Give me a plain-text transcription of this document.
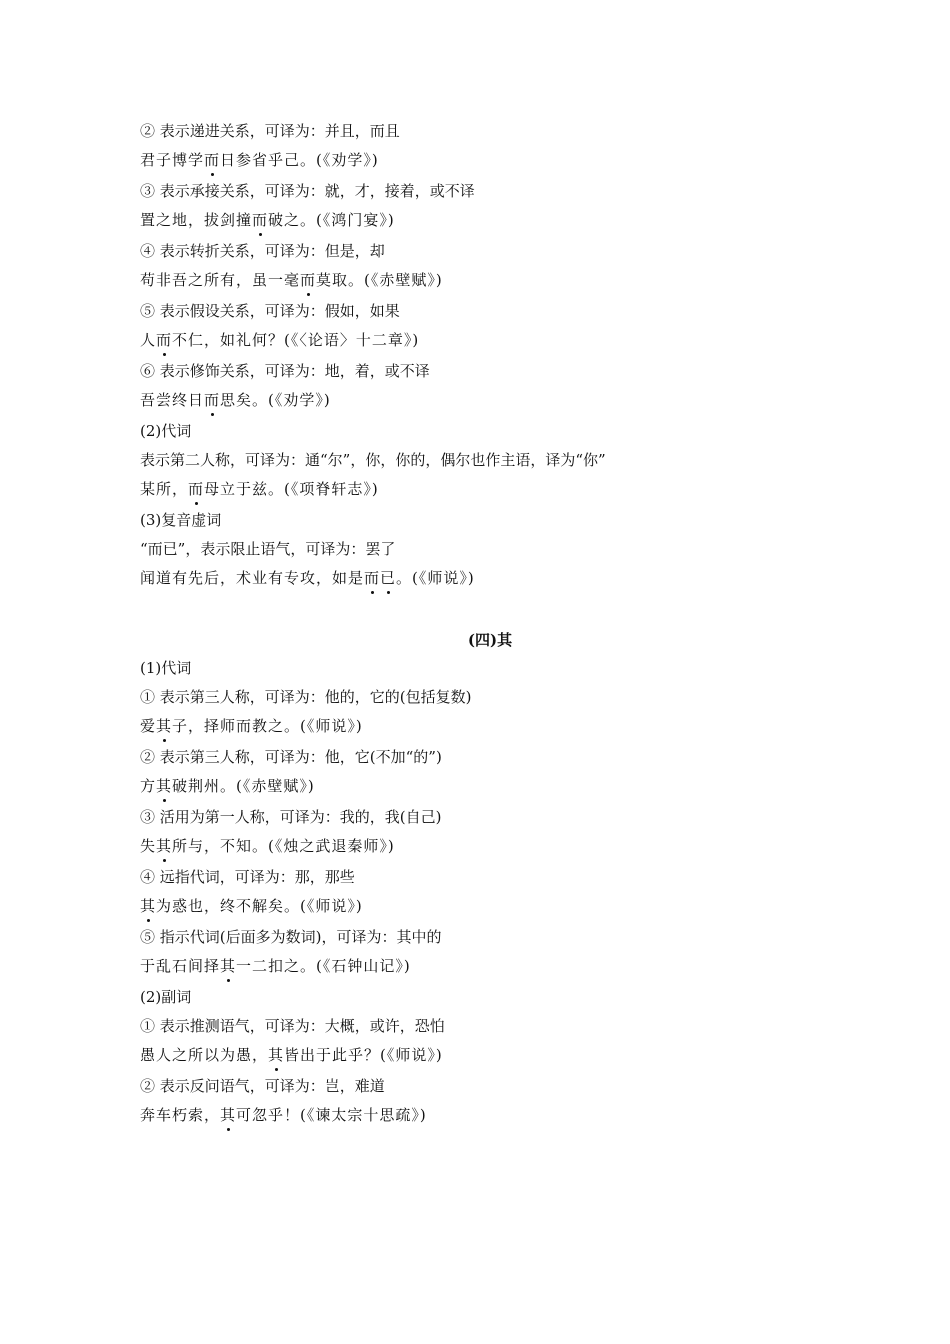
② 表示递进关系，可译为：并且，而且
君子博学而日参省乎己。(《劝学》)
③ 表示承接关系，可译为：就，才，接着，或不译
置之地，拔剑撞而破之。(《鸿门宴》)
④ 表示转折关系，可译为：但是，却
苟非吾之所有，虽一毫而莫取。(《赤壁赋》)
⑤ 表示假设关系，可译为：假如，如果
人而不仁，如礼何？(《〈论语〉十二章》)
⑥ 表示修饰关系，可译为：地，着，或不译
吾尝终日而思矣。(《劝学》)
(2)代词
表示第二人称，可译为：通“尔”，你，你的，偶尔也作主语，译为“你”
某所，而母立于兹。(《项脊轩志》)
(3)复音虚词
“而已”，表示限止语气，可译为：罢了
闻道有先后，术业有专攻，如是而已。(《师说》)
(四)其
(1)代词
① 表示第三人称，可译为：他的，它的(包括复数)
爱其子，择师而教之。(《师说》)
② 表示第三人称，可译为：他，它(不加“的”)
方其破荆州。(《赤壁赋》)
③ 活用为第一人称，可译为：我的，我(自己)
失其所与，不知。(《烛之武退秦师》)
④ 远指代词，可译为：那，那些
其为惑也，终不解矣。(《师说》)
⑤ 指示代词(后面多为数词)，可译为：其中的
于乱石间择其一二扣之。(《石钟山记》)
(2)副词
① 表示推测语气，可译为：大概，或许，恐怕
愚人之所以为愚，其皆出于此乎？(《师说》)
② 表示反问语气，可译为：岂，难道
奔车朽索，其可忽乎！(《谏太宗十思疏》)
